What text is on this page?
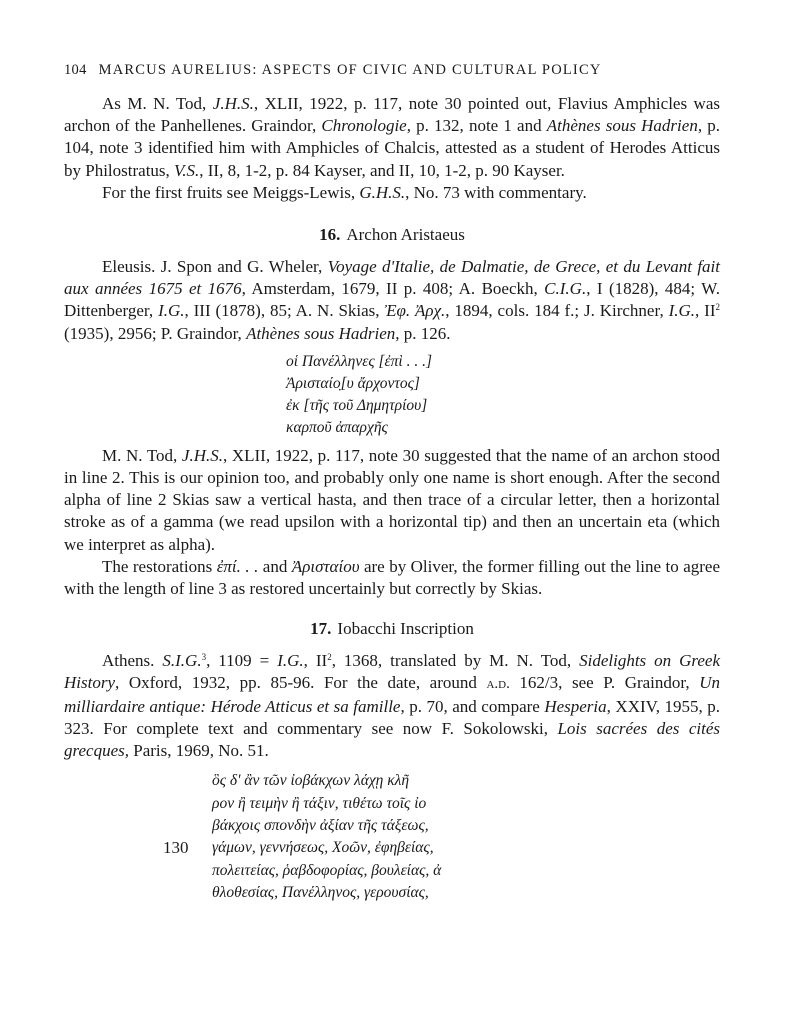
104 MARCUS AURELIUS: ASPECTS OF CIVIC AND CULTURAL POLICY

As M. N. Tod, J.H.S., XLII, 1922, p. 117, note 30 pointed out, Flavius Amphicles was archon of the Panhellenes. Graindor, Chronologie, p. 132, note 1 and Athènes sous Hadrien, p. 104, note 3 identified him with Amphicles of Chalcis, attested as a student of Herodes Atticus by Philostratus, V.S., II, 8, 1-2, p. 84 Kayser, and II, 10, 1-2, p. 90 Kayser.

For the first fruits see Meiggs-Lewis, G.H.S., No. 73 with commentary.

16. Archon Aristaeus

Eleusis. J. Spon and G. Wheler, Voyage d'Italie, de Dalmatie, de Grece, et du Levant fait aux années 1675 et 1676, Amsterdam, 1679, II p. 408; A. Boeckh, C.I.G., I (1828), 484; W. Dittenberger, I.G., III (1878), 85; A. N. Skias, Ἐφ. Ἀρχ., 1894, cols. 184 f.; J. Kirchner, I.G., $II^2$ (1935), 2956; P. Graindor, Athènes sous Hadrien, p. 126.

οἱ Πανέλληνες [ἐπὶ . . .]
Ἀρισταίο̣[υ ἄρχοντος]
ἐκ [τῆς τοῦ Δημητρίου]
καρποῦ ἀπαρχῆς

M. N. Tod, J.H.S., XLII, 1922, p. 117, note 30 suggested that the name of an archon stood in line 2. This is our opinion too, and probably only one name is short enough. After the second alpha of line 2 Skias saw a vertical hasta, and then trace of a circular letter, then a horizontal stroke as of a gamma (we read upsilon with a horizontal tip) and then an uncertain eta (which we interpret as alpha).

The restorations ἐπί. . . and Ἀρισταίου are by Oliver, the former filling out the line to agree with the length of line 3 as restored uncertainly but correctly by Skias.

17. Iobacchi Inscription

Athens. S.I.G.$^3$, 1109 = I.G., $II^2$, 1368, translated by M. N. Tod, Sidelights on Greek History, Oxford, 1932, pp. 85-96. For the date, around a.d. 162/3, see P. Graindor, Un milliardaire antique: Hérode Atticus et sa famille, p. 70, and compare Hesperia, XXIV, 1955, p. 323. For complete text and commentary see now F. Sokolowski, Lois sacrées des cités grecques, Paris, 1969, No. 51.

ὃς δ' ἂν τῶν ἰοβάκχων λάχῃ κλῆ
ρον ἢ τειμὴν ἢ τάξιν, τιθέτω τοῖς ἰο
βάκχοις σπονδὴν ἀξίαν τῆς τάξεως,
130 γάμων, γεννήσεως, Χοῶν, ἐφηβείας,
πολειτείας, ῥαβδοφορίας, βουλείας, ἀ
θλοθεσίας, Πανέλληνος, γερουσίας,
